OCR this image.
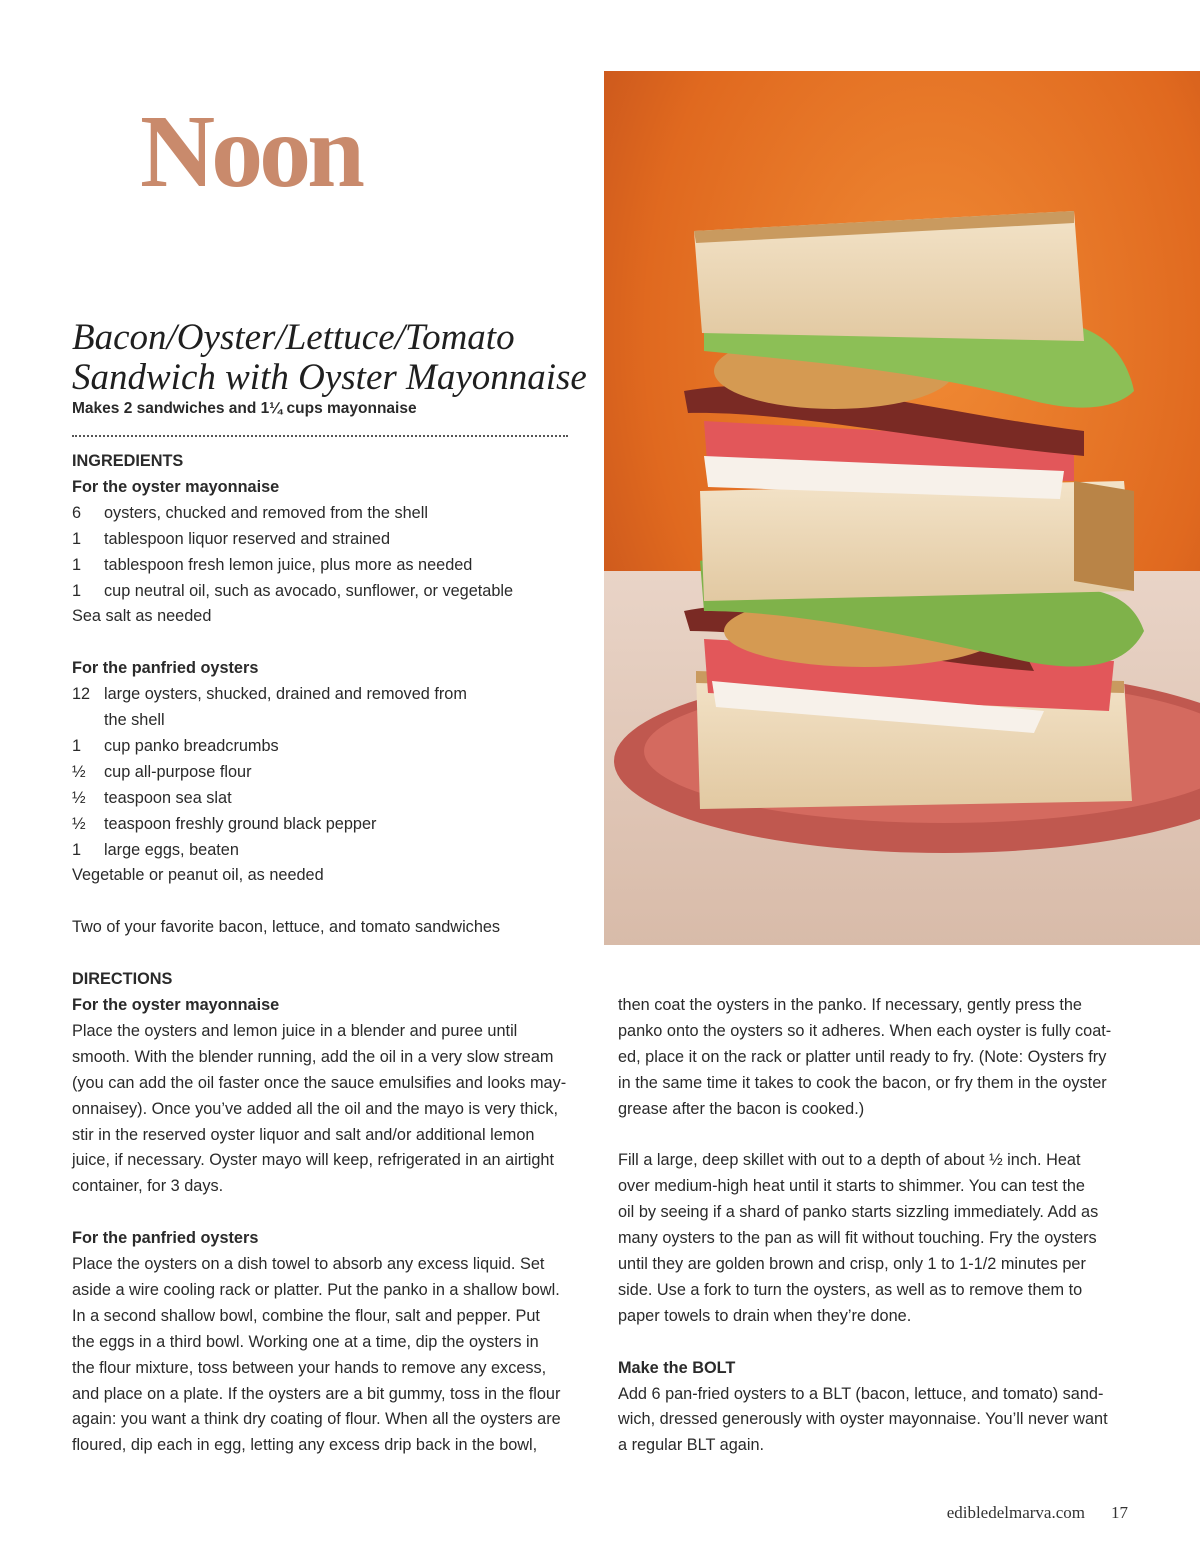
Noon
Bacon/Oyster/Lettuce/Tomato
Sandwich with Oyster Mayonnaise

Makes 2 sandwiches and 1¼ cups mayonnaise

INGREDIENTS

For the oyster mayonnaise

6	oysters, chucked and removed from the shell
1	tablespoon liquor reserved and strained
1	tablespoon fresh lemon juice, plus more as needed
1	cup neutral oil, such as avocado, sunflower, or vegetable

Sea salt as needed

For the panfried oysters

12 large oysters, shucked, drained and removed from the shell
1	cup panko breadcrumbs
½	cup all-purpose flour
½	teaspoon sea slat
½	teaspoon freshly ground black pepper
1	large eggs, beaten

Vegetable or peanut oil, as needed

Two of your favorite bacon, lettuce, and tomato sandwiches

DIRECTIONS

For the oyster mayonnaise

Place the oysters and lemon juice in a blender and puree until

smooth. With the blender running, add the oil in a very slow stream

(you can add the oil faster once the sauce emulsifies and looks may-

onnaisey). Once you’ve added all the oil and the mayo is very thick,

stir in the reserved oyster liquor and salt and/or additional lemon

juice, if necessary. Oyster mayo will keep, refrigerated in an airtight

container, for 3 days.

For the panfried oysters

Place the oysters on a dish towel to absorb any excess liquid. Set

aside a wire cooling rack or platter. Put the panko in a shallow bowl.

In a second shallow bowl, combine the flour, salt and pepper. Put

the eggs in a third bowl. Working one at a time, dip the oysters in

the flour mixture, toss between your hands to remove any excess,

and place on a plate. If the oysters are a bit gummy, toss in the flour

again: you want a think dry coating of flour. When all the oysters are

floured, dip each in egg, letting any excess drip back in the bowl,

then coat the oysters in the panko. If necessary, gently press the

panko onto the oysters so it adheres. When each oyster is fully coat-

ed, place it on the rack or platter until ready to fry. (Note: Oysters fry

in the same time it takes to cook the bacon, or fry them in the oyster

grease after the bacon is cooked.)

Fill a large, deep skillet with out to a depth of about ½ inch. Heat

over medium-high heat until it starts to shimmer. You can test the

oil by seeing if a shard of panko starts sizzling immediately. Add as

many oysters to the pan as will fit without touching. Fry the oysters

until they are golden brown and crisp, only 1 to 1-1/2 minutes per

side. Use a fork to turn the oysters, as well as to remove them to

paper towels to drain when they’re done.

Make the BOLT

Add 6 pan-fried oysters to a BLT (bacon, lettuce, and tomato) sand-

wich, dressed generously with oyster mayonnaise. You’ll never want

a regular BLT again.

edibledelmarva.com 17
